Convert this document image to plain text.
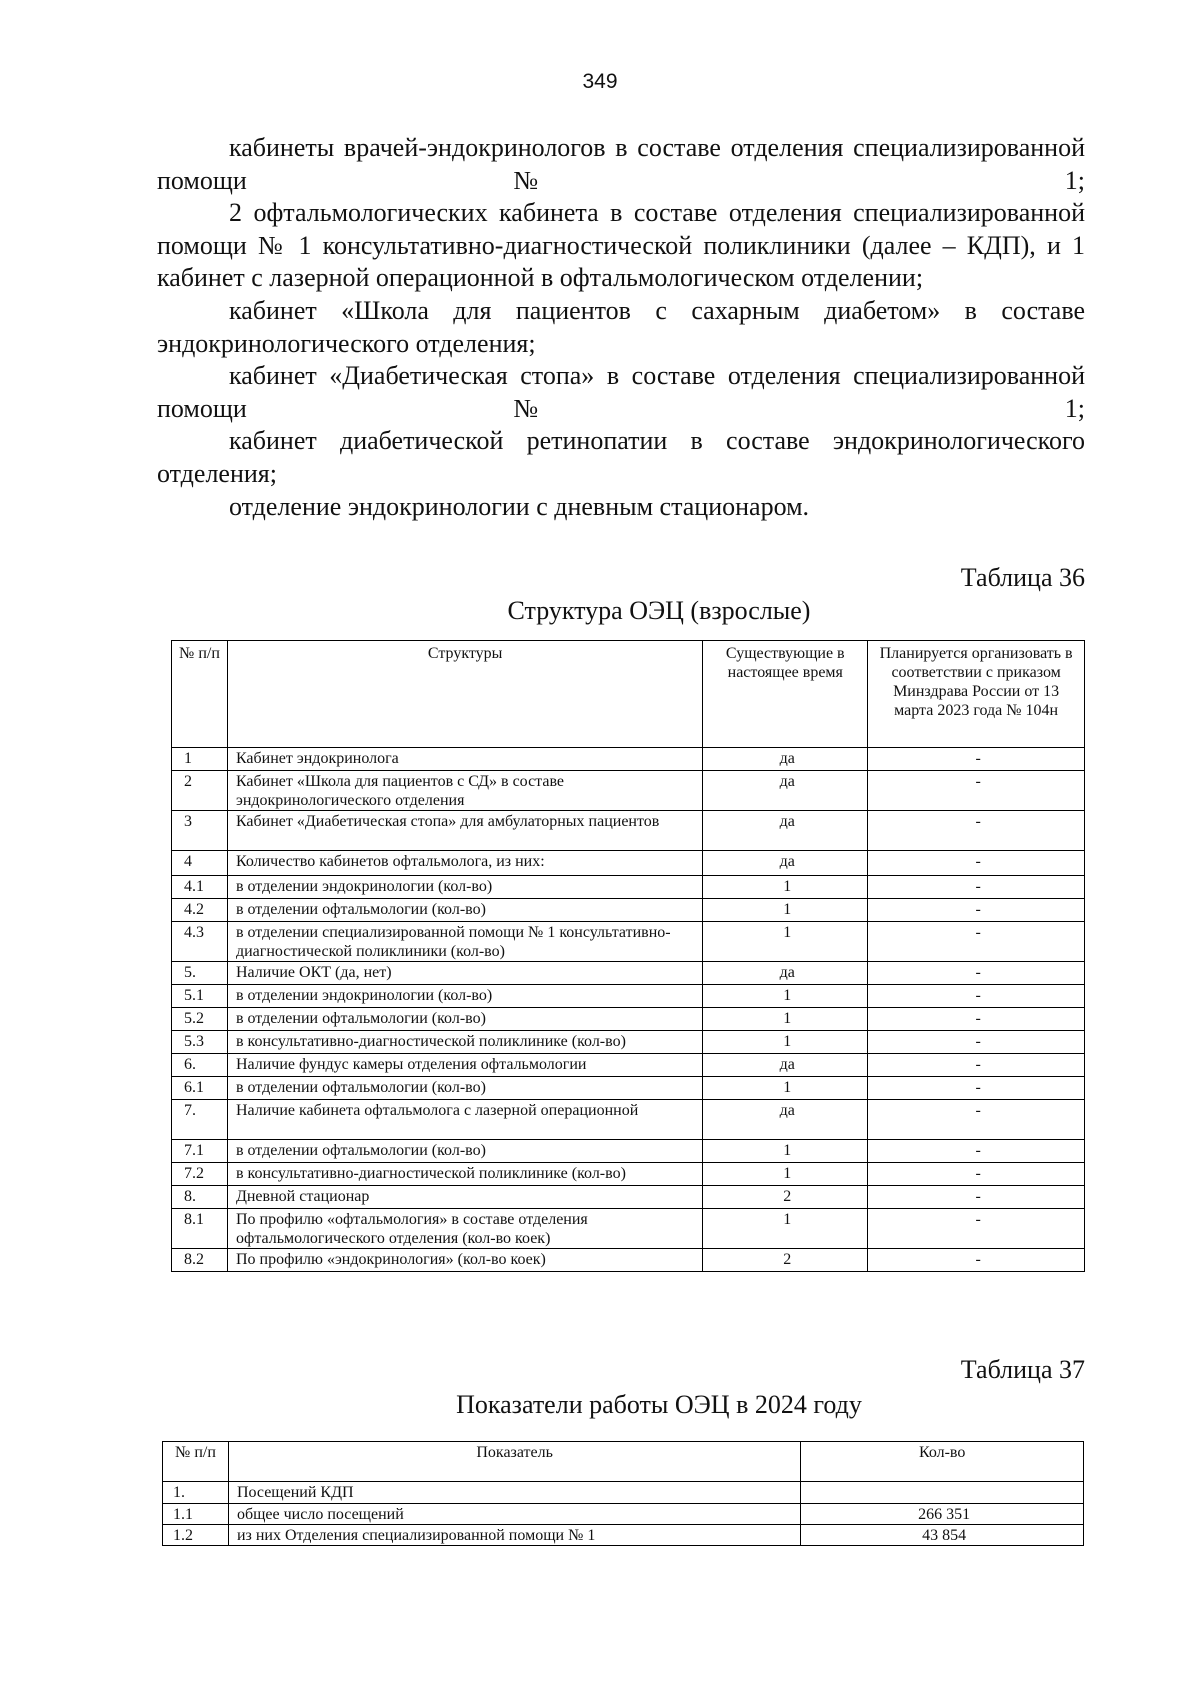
349

кабинеты врачей-эндокринологов в составе отделения специализированной помощи № 1;

2 офтальмологических кабинета в составе отделения специализированной помощи № 1 консультативно-диагностической поликлиники (далее – КДП), и 1 кабинет с лазерной операционной в офтальмологическом отделении;

кабинет «Школа для пациентов с сахарным диабетом» в составе эндокринологического отделения;

кабинет «Диабетическая стопа» в составе отделения специализированной помощи № 1;

кабинет диабетической ретинопатии в составе эндокринологического отделения;

отделение эндокринологии с дневным стационаром.

Таблица 36
Структура ОЭЦ (взрослые)
№ п/п	Структуры	Существующие в настоящее время	Планируется организовать в соответствии с приказом Минздрава России от 13 марта 2023 года № 104н
1	Кабинет эндокринолога	да	-
2	Кабинет «Школа для пациентов с СД» в составе эндокринологического отделения	да	-
3	Кабинет «Диабетическая стопа» для амбулаторных пациентов	да	-
4	Количество кабинетов офтальмолога, из них:	да	-
4.1	в отделении эндокринологии (кол-во)	1	-
4.2	в отделении офтальмологии (кол-во)	1	-
4.3	в отделении специализированной помощи № 1 консультативно-диагностической поликлиники (кол-во)	1	-
5.	Наличие ОКТ (да, нет)	да	-
5.1	в отделении эндокринологии (кол-во)	1	-
5.2	в отделении офтальмологии (кол-во)	1	-
5.3	в консультативно-диагностической поликлинике (кол-во)	1	-
6.	Наличие фундус камеры отделения офтальмологии	да	-
6.1	в отделении офтальмологии (кол-во)	1	-
7.	Наличие кабинета офтальмолога с лазерной операционной	да	-
7.1	в отделении офтальмологии (кол-во)	1	-
7.2	в консультативно-диагностической поликлинике (кол-во)	1	-
8.	Дневной стационар	2	-
8.1	По профилю «офтальмология» в составе отделения офтальмологического отделения (кол-во коек)	1	-
8.2	По профилю «эндокринология» (кол-во коек)	2	-
Таблица 37
Показатели работы ОЭЦ в 2024 году
№ п/п	Показатель	Кол-во
1.	Посещений КДП	
1.1	общее число посещений	266 351
1.2	из них Отделения специализированной помощи № 1	43 854
